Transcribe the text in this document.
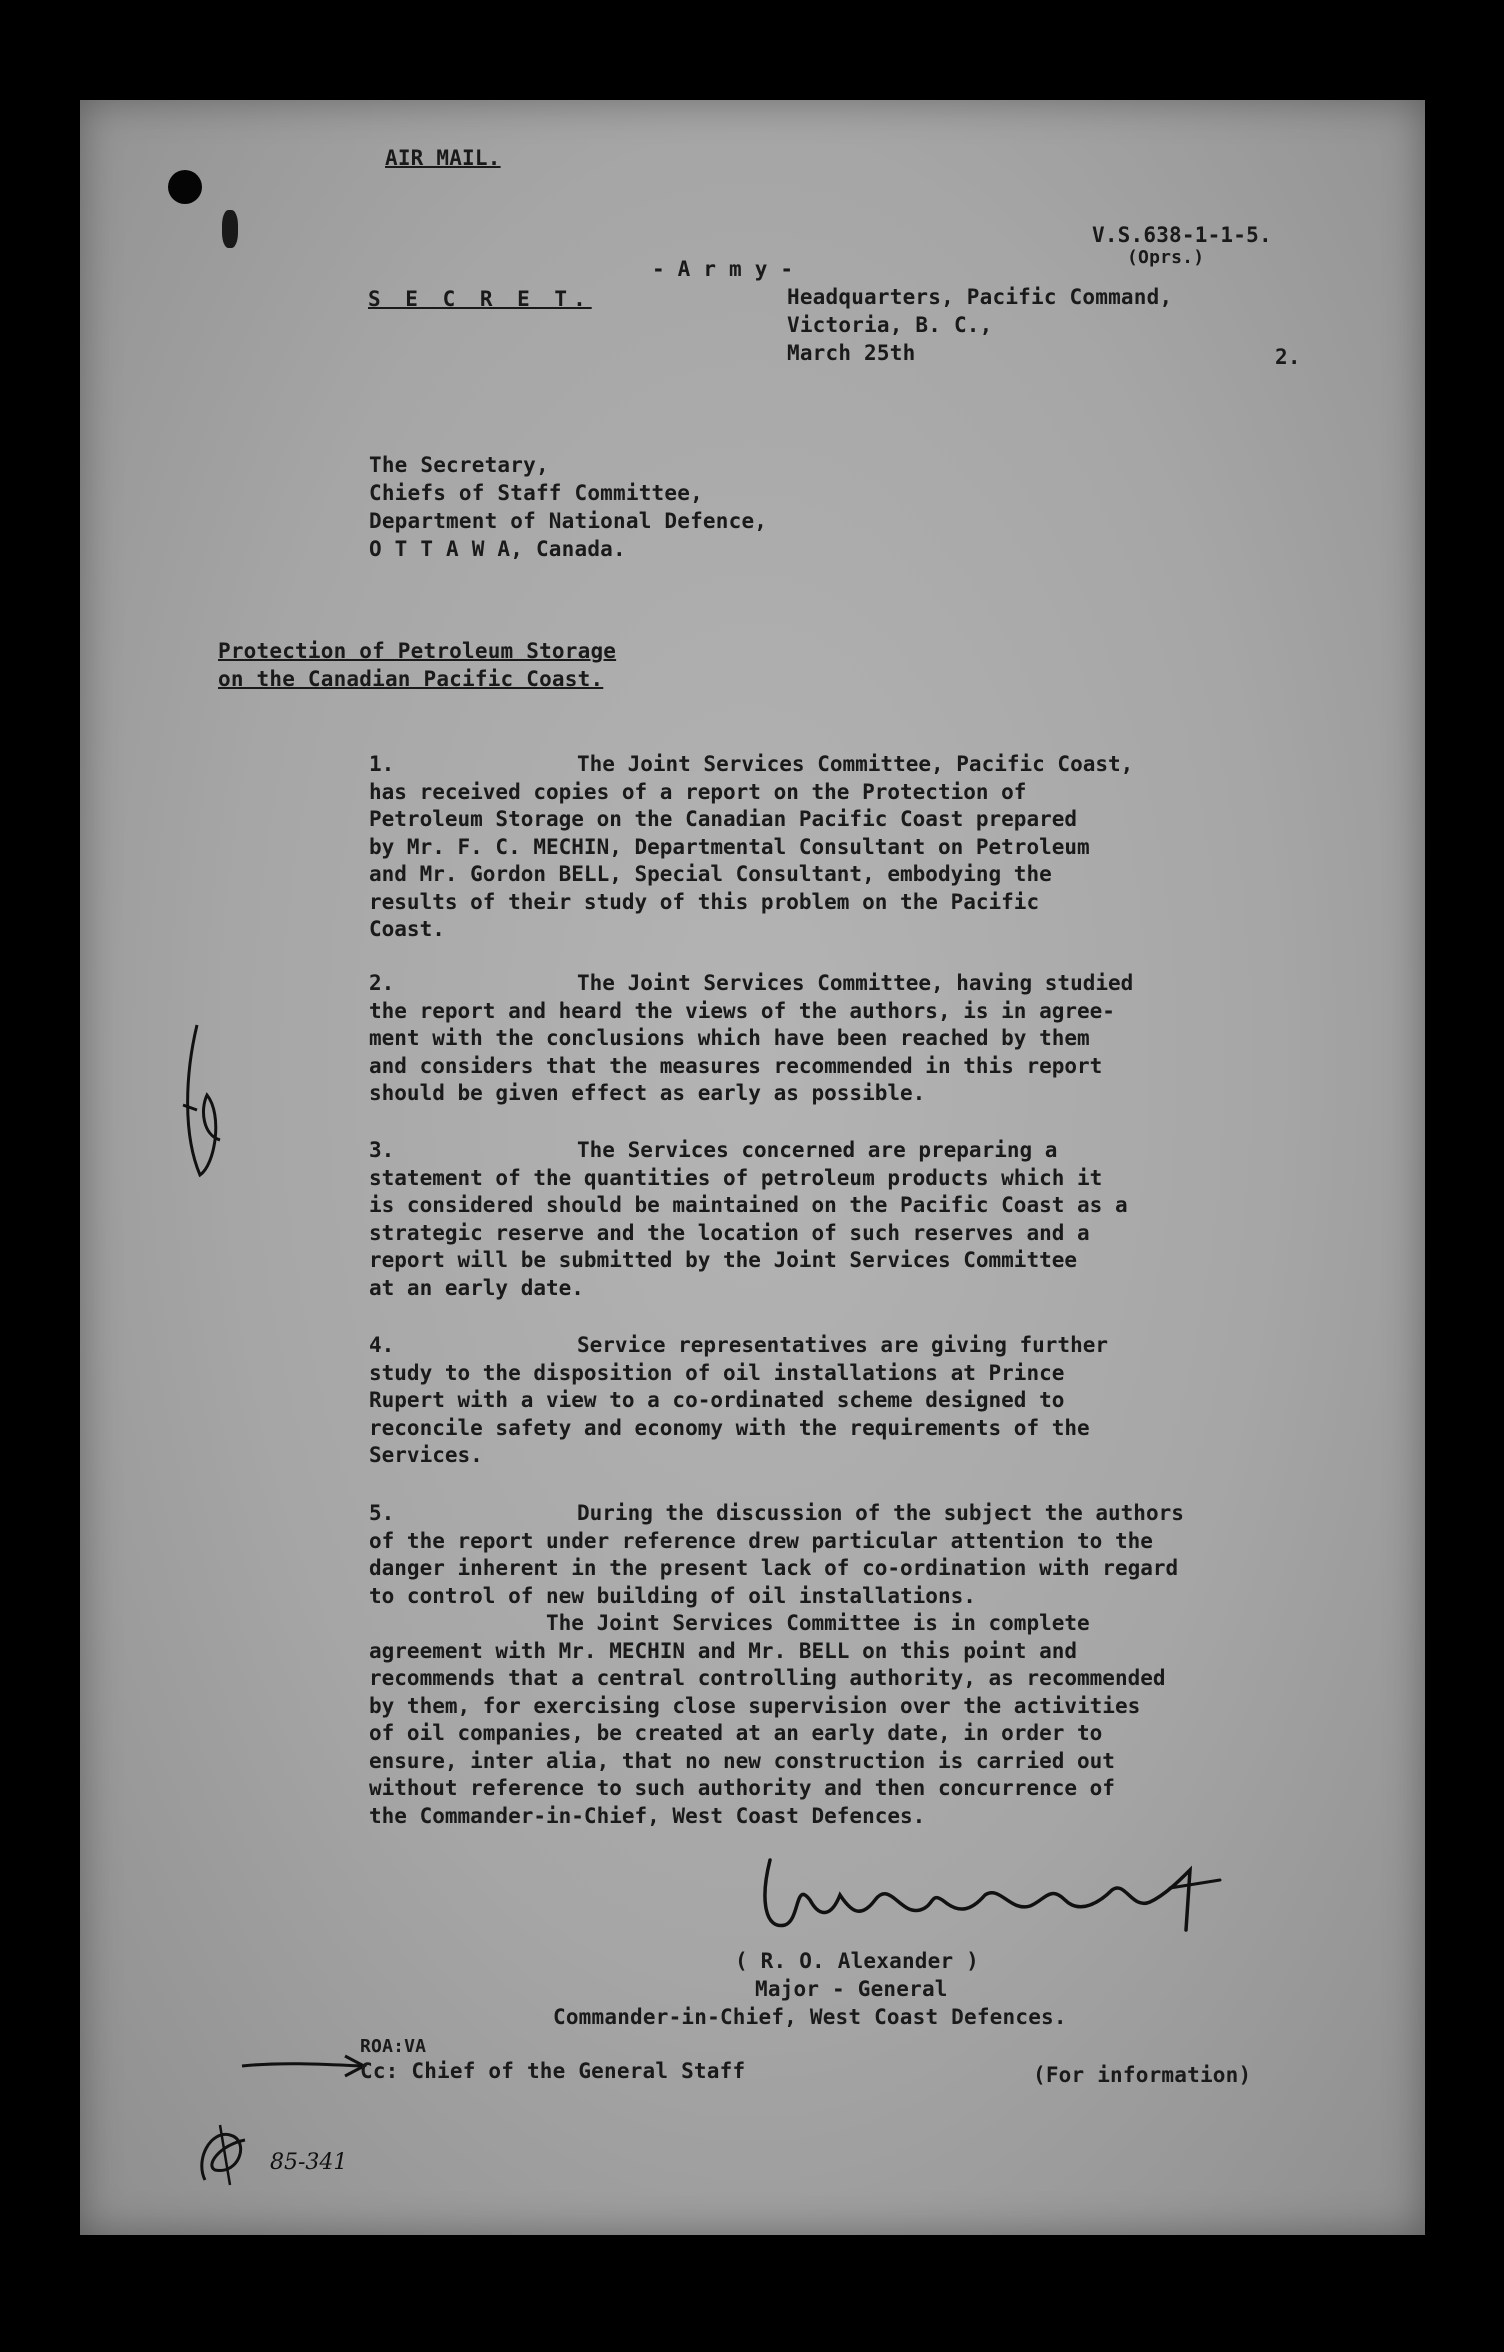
AIR MAIL.
V.S.638-1-1-5.
(Oprs.)
S E C R E T.
- A r m y -
Headquarters, Pacific Command,
Victoria, B. C.,
March 25th	2.
The Secretary,
Chiefs of Staff Committee,
Department of National Defence,
O T T A W A, Canada.
Protection of Petroleum Storage
on the Canadian Pacific Coast.
1.	The Joint Services Committee, Pacific Coast,
has received copies of a report on the Protection of
Petroleum Storage on the Canadian Pacific Coast prepared
by Mr. F. C. MECHIN, Departmental Consultant on Petroleum
and Mr. Gordon BELL, Special Consultant, embodying the
results of their study of this problem on the Pacific
Coast.
2.	The Joint Services Committee, having studied
the report and heard the views of the authors, is in agree-
ment with the conclusions which have been reached by them
and considers that the measures recommended in this report
should be given effect as early as possible.
3.	The Services concerned are preparing a
statement of the quantities of petroleum products which it
is considered should be maintained on the Pacific Coast as a
strategic reserve and the location of such reserves and a
report will be submitted by the Joint Services Committee
at an early date.
4.	Service representatives are giving further
study to the disposition of oil installations at Prince
Rupert with a view to a co-ordinated scheme designed to
reconcile safety and economy with the requirements of the
Services.
5.	During the discussion of the subject the authors
of the report under reference drew particular attention to the
danger inherent in the present lack of co-ordination with regard
to control of new building of oil installations.
The Joint Services Committee is in complete
agreement with Mr. MECHIN and Mr. BELL on this point and
recommends that a central controlling authority, as recommended
by them, for exercising close supervision over the activities
of oil companies, be created at an early date, in order to
ensure, inter alia, that no new construction is carried out
without reference to such authority and then concurrence of
the Commander-in-Chief, West Coast Defences.
( R. O. Alexander )
Major - General
Commander-in-Chief, West Coast Defences.
ROA:VA
Cc: Chief of the General Staff	(For information)
85-341
